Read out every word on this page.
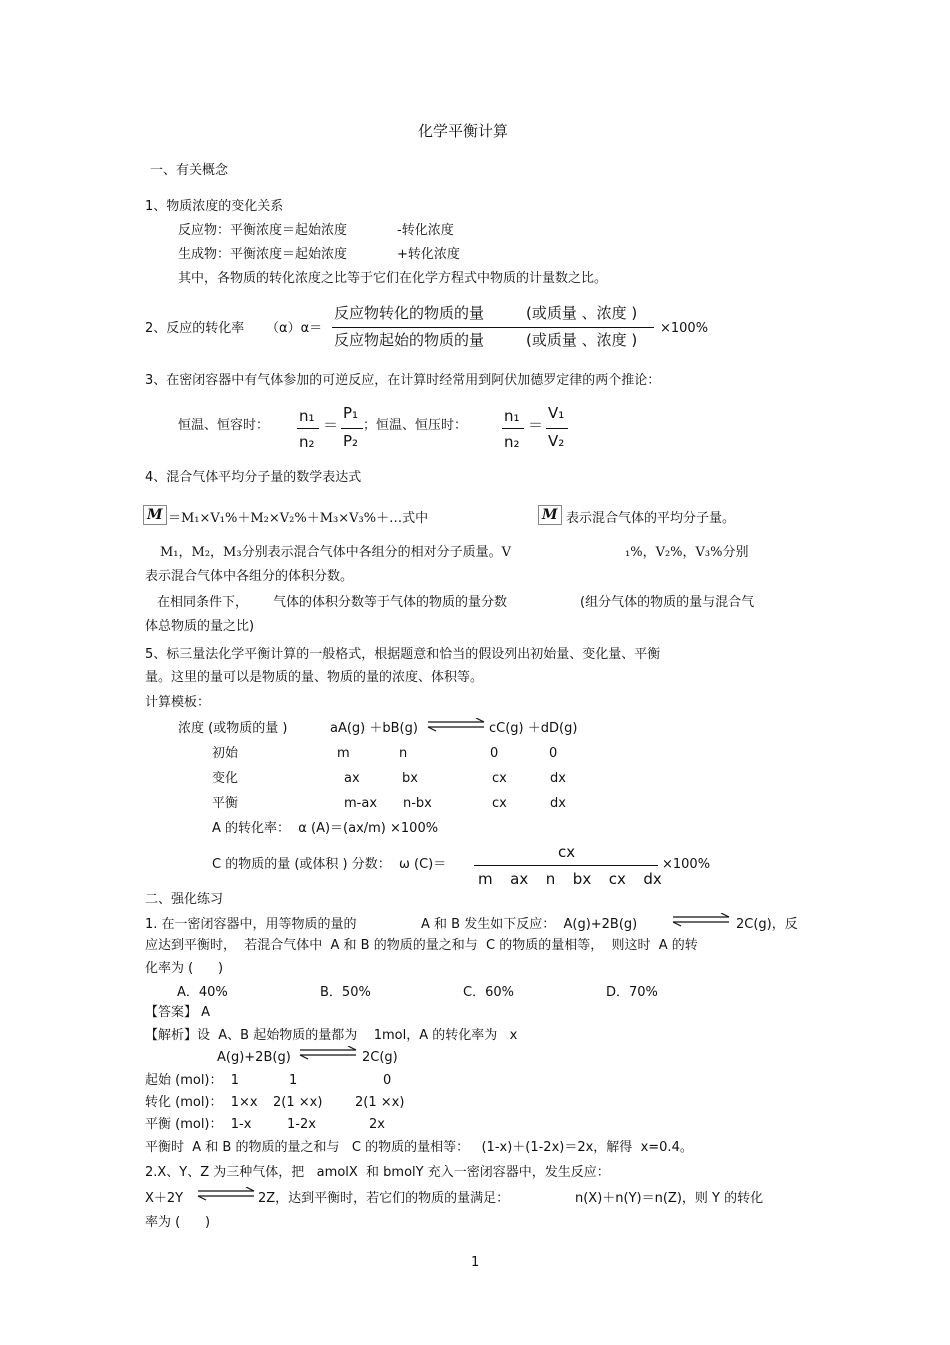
化学平衡计算
一、有关概念
1、物质浓度的变化关系
反应物：平衡浓度＝起始浓度	-转化浓度
生成物：平衡浓度＝起始浓度	+转化浓度
其中，各物质的转化浓度之比等于它们在化学方程式中物质的计量数之比。
2、反应的转化率 （α）α＝
反应物转化的物质的量	(或质量 、浓度 )
反应物起始的物质的量	(或质量 、浓度 )
×100%
3、在密闭容器中有气体参加的可逆反应，在计算时经常用到阿伏加德罗定律的两个推论：
恒温、恒容时：
n₁
n₂
＝
P₁
P₂
；恒温、恒压时：
n₁
n₂
＝
V₁
V₂
4、混合气体平均分子量的数学表达式
M ＝M₁×V₁%＋M₂×V₂%＋M₃×V₃%＋…式中	M 表示混合气体的平均分子量。
M₁，M₂，M₃分别表示混合气体中各组分的相对分子质量。V	₁%，V₂%，V₃%分别
表示混合气体中各组分的体积分数。
在相同条件下， 气体的体积分数等于气体的物质的量分数	(组分气体的物质的量与混合气
体总物质的量之比)
5、标三量法化学平衡计算的一般格式，根据题意和恰当的假设列出初始量、变化量、平衡
量。这里的量可以是物质的量、物质的量的浓度、体积等。
计算模板：
浓度 (或物质的量 )	aA(g) ＋bB(g)	cC(g) ＋dD(g)
初始	m	n	0	0
变化	ax	bx	cx	dx
平衡	m-ax n-bx	cx	dx
A 的转化率：  α (A)＝(ax/m) ×100%
C 的物质的量 (或体积 ) 分数：  ω (C)＝
cx
m  ax  n  bx  cx  dx
×100%
二、强化练习
1. 在一密闭容器中，用等物质的量的	A 和 B 发生如下反应：  A(g)+2B(g)	2C(g)，反
应达到平衡时，  若混合气体中  A 和 B 的物质的量之和与  C 的物质的量相等，  则这时  A 的转
化率为 (      )
A．40%	B．50%	C．60%	D．70%
【答案】 A
【解析】设  A、B 起始物质的量都为    1mol，A 的转化率为   x
A(g)+2B(g)	2C(g)
起始 (mol)：  1	1	0
转化 (mol)：  1×x 2(1 ×x)	2(1 ×x)
平衡 (mol)：  1-x	1-2x	2x
平衡时  A 和 B 的物质的量之和与   C 的物质的量相等：   (1-x)＋(1-2x)＝2x，解得  x=0.4。
2.X、Y、Z 为三种气体，把   amolX  和 bmolY 充入一密闭容器中，发生反应：
X＋2Y	2Z，达到平衡时，若它们的物质的量满足：	n(X)＋n(Y)＝n(Z)，则 Y 的转化
率为 (      )
1
